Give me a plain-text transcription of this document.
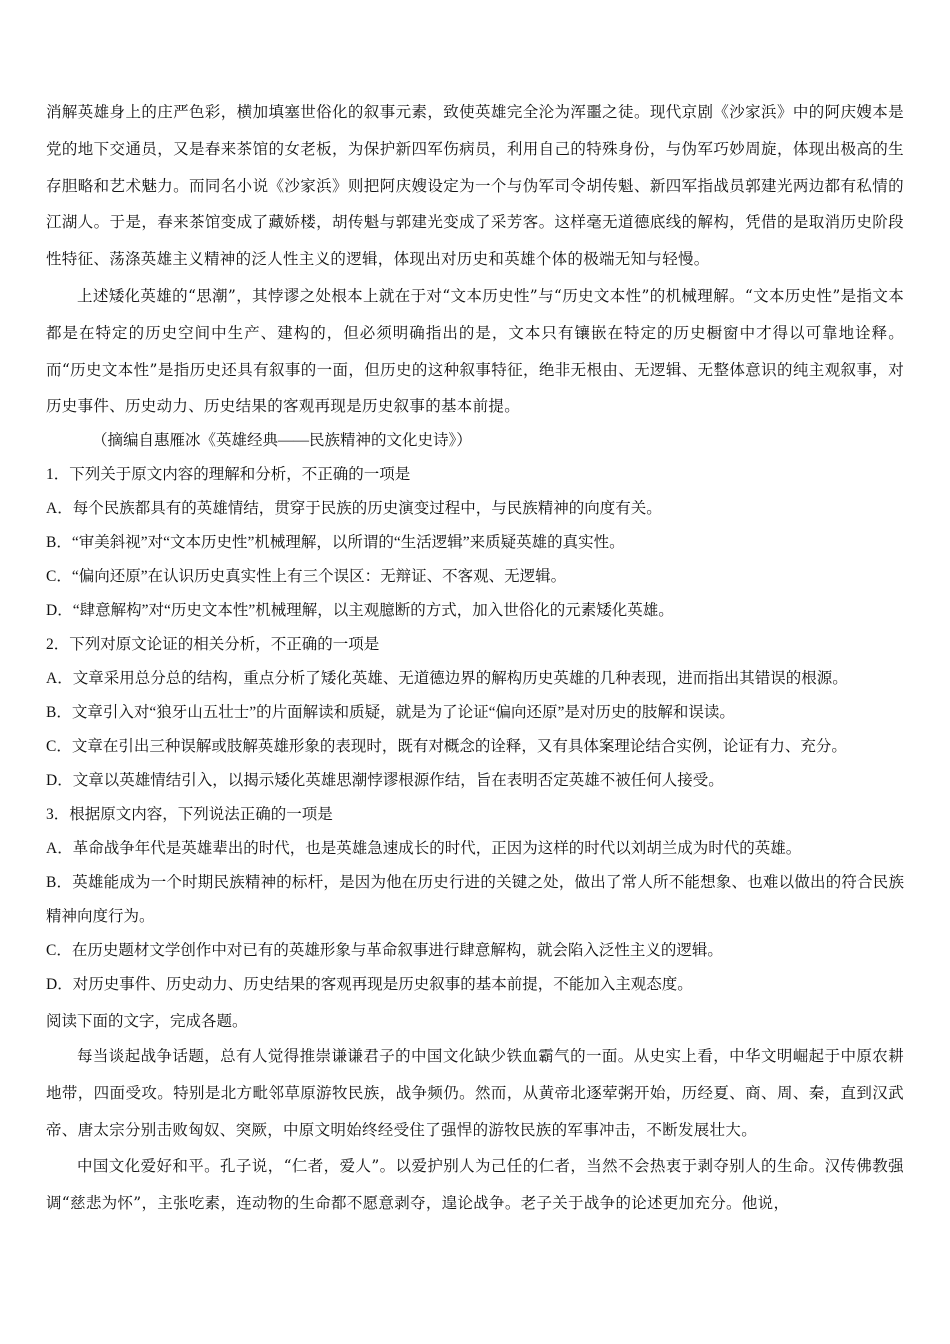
消解英雄身上的庄严色彩，横加填塞世俗化的叙事元素，致使英雄完全沦为浑噩之徒。现代京剧《沙家浜》中的阿庆嫂本是党的地下交通员，又是春来茶馆的女老板，为保护新四军伤病员，利用自己的特殊身份，与伪军巧妙周旋，体现出极高的生存胆略和艺术魅力。而同名小说《沙家浜》则把阿庆嫂设定为一个与伪军司令胡传魁、新四军指战员郭建光两边都有私情的江湖人。于是，春来茶馆变成了藏娇楼，胡传魁与郭建光变成了采芳客。这样毫无道德底线的解构，凭借的是取消历史阶段性特征、荡涤英雄主义精神的泛人性主义的逻辑，体现出对历史和英雄个体的极端无知与轻慢。

上述矮化英雄的“思潮”，其悖谬之处根本上就在于对“文本历史性”与“历史文本性”的机械理解。“文本历史性”是指文本都是在特定的历史空间中生产、建构的，但必须明确指出的是，文本只有镶嵌在特定的历史橱窗中才得以可靠地诠释。而“历史文本性”是指历史还具有叙事的一面，但历史的这种叙事特征，绝非无根由、无逻辑、无整体意识的纯主观叙事，对历史事件、历史动力、历史结果的客观再现是历史叙事的基本前提。

（摘编自惠雁冰《英雄经典——民族精神的文化史诗》）

1．下列关于原文内容的理解和分析，不正确的一项是

A．每个民族都具有的英雄情结，贯穿于民族的历史演变过程中，与民族精神的向度有关。

B．“审美斜视”对“文本历史性”机械理解，以所谓的“生活逻辑”来质疑英雄的真实性。

C．“偏向还原”在认识历史真实性上有三个误区：无辩证、不客观、无逻辑。

D．“肆意解构”对“历史文本性”机械理解，以主观臆断的方式，加入世俗化的元素矮化英雄。

2．下列对原文论证的相关分析，不正确的一项是

A．文章采用总分总的结构，重点分析了矮化英雄、无道德边界的解构历史英雄的几种表现，进而指出其错误的根源。

B．文章引入对“狼牙山五壮士”的片面解读和质疑，就是为了论证“偏向还原”是对历史的肢解和误读。

C．文章在引出三种误解或肢解英雄形象的表现时，既有对概念的诠释，又有具体案理论结合实例，论证有力、充分。

D．文章以英雄情结引入，以揭示矮化英雄思潮悖谬根源作结，旨在表明否定英雄不被任何人接受。

3．根据原文内容，下列说法正确的一项是

A．革命战争年代是英雄辈出的时代，也是英雄急速成长的时代，正因为这样的时代以刘胡兰成为时代的英雄。

B．英雄能成为一个时期民族精神的标杆，是因为他在历史行进的关键之处，做出了常人所不能想象、也难以做出的符合民族精神向度行为。

C．在历史题材文学创作中对已有的英雄形象与革命叙事进行肆意解构，就会陷入泛性主义的逻辑。

D．对历史事件、历史动力、历史结果的客观再现是历史叙事的基本前提，不能加入主观态度。

阅读下面的文字，完成各题。

每当谈起战争话题，总有人觉得推崇谦谦君子的中国文化缺少铁血霸气的一面。从史实上看，中华文明崛起于中原农耕地带，四面受攻。特别是北方毗邻草原游牧民族，战争频仍。然而，从黄帝北逐荤粥开始，历经夏、商、周、秦，直到汉武帝、唐太宗分别击败匈奴、突厥，中原文明始终经受住了强悍的游牧民族的军事冲击，不断发展壮大。

中国文化爱好和平。孔子说，“仁者，爱人”。以爱护别人为己任的仁者，当然不会热衷于剥夺别人的生命。汉传佛教强调“慈悲为怀”，主张吃素，连动物的生命都不愿意剥夺，遑论战争。老子关于战争的论述更加充分。他说，
